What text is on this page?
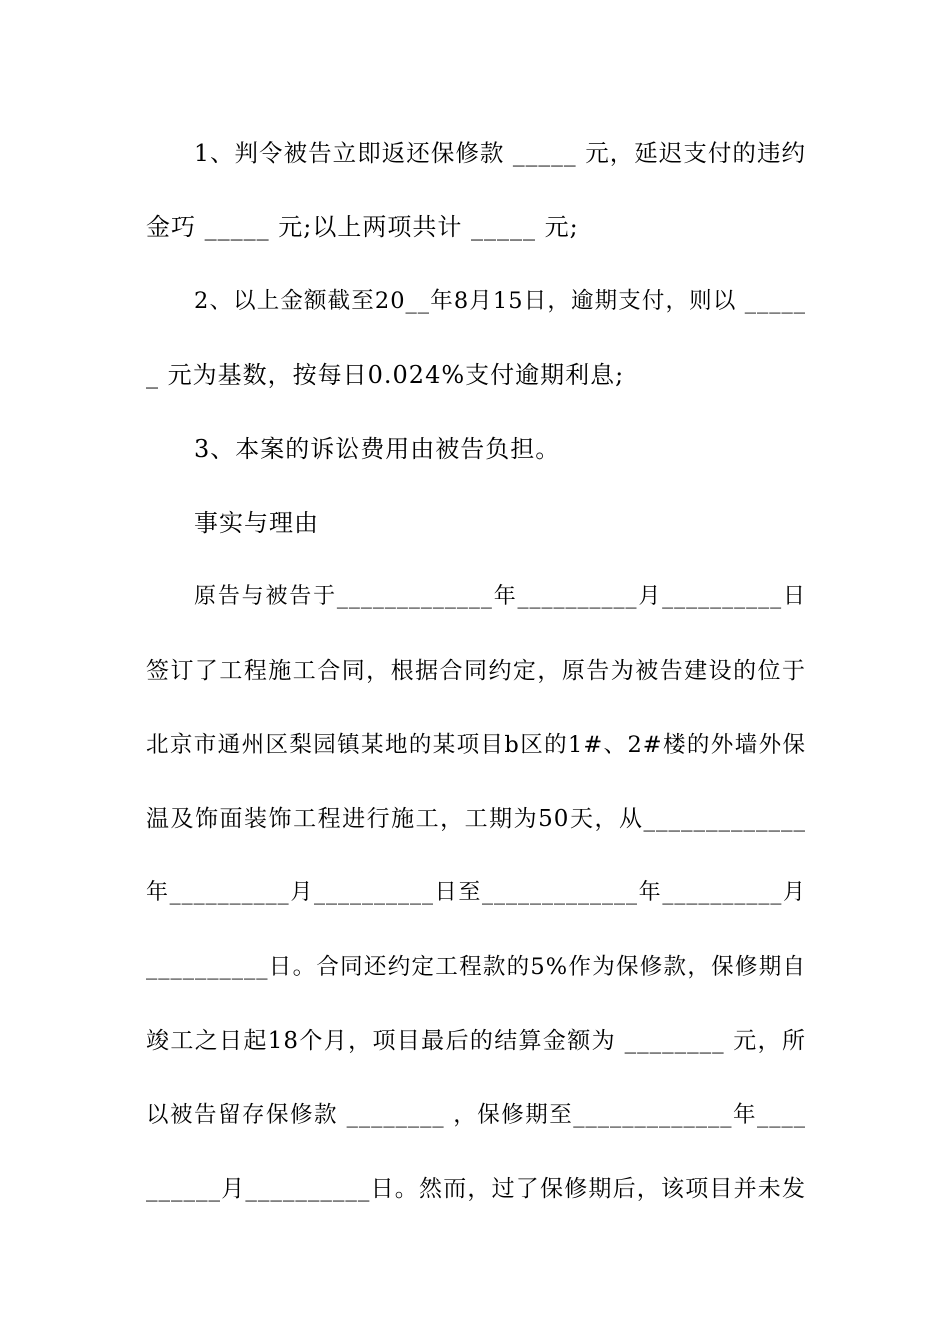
1、判令被告立即返还保修款 _____ 元，延迟支付的违约
金巧 _____ 元;以上两项共计 _____ 元;
2、以上金额截至20__年8月15日，逾期支付，则以 _____
_ 元为基数，按每日0.024%支付逾期利息;
3、本案的诉讼费用由被告负担。
事实与理由
原告与被告于_____________年__________月__________日
签订了工程施工合同，根据合同约定，原告为被告建设的位于
北京市通州区梨园镇某地的某项目b区的1#、2#楼的外墙外保
温及饰面装饰工程进行施工，工期为50天，从_____________
年__________月__________日至_____________年__________月
__________日。合同还约定工程款的5%作为保修款，保修期自
竣工之日起18个月，项目最后的结算金额为 ________ 元，所
以被告留存保修款 ________ ，保修期至_____________年____
______月__________日。然而，过了保修期后，该项目并未发
